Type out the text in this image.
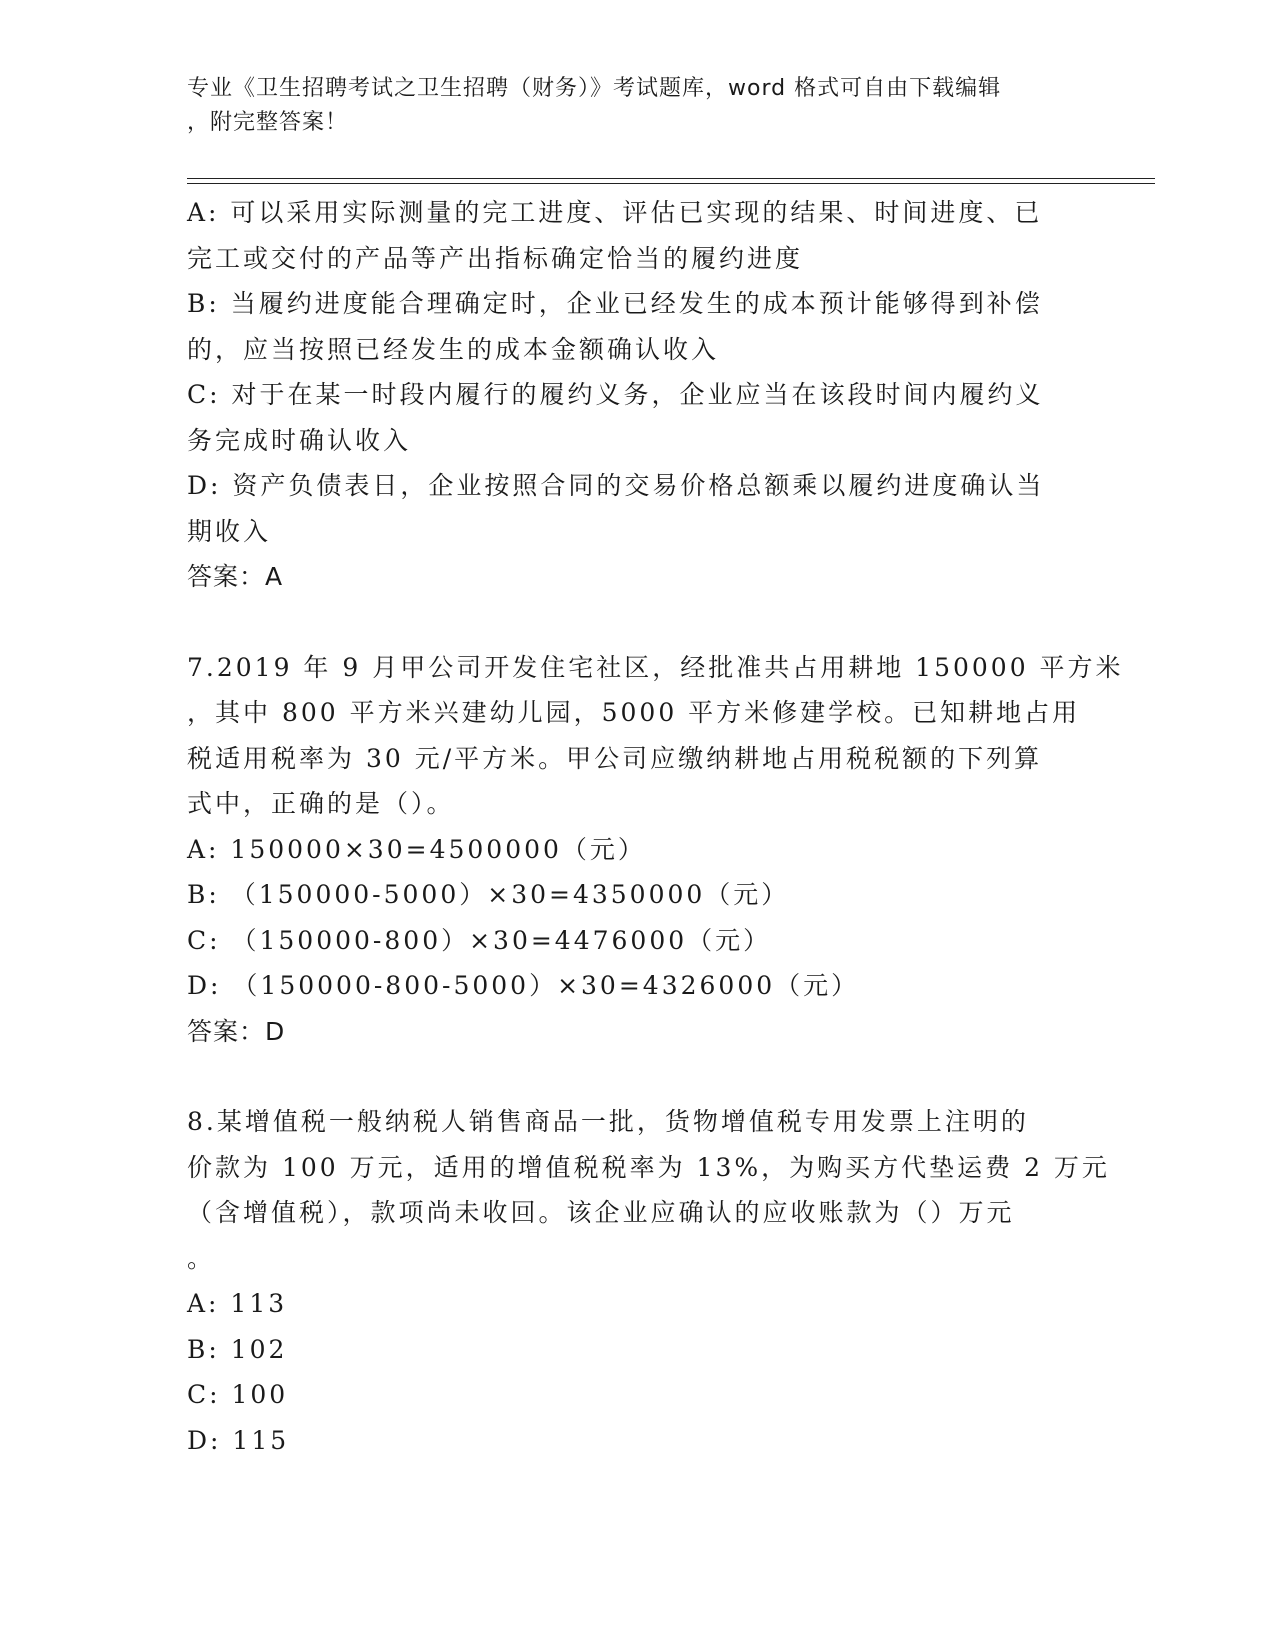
专业《卫生招聘考试之卫生招聘（财务）》考试题库，word 格式可自由下载编辑
，附完整答案！
A: 可以采用实际测量的完工进度、评估已实现的结果、时间进度、已
完工或交付的产品等产出指标确定恰当的履约进度
B: 当履约进度能合理确定时，企业已经发生的成本预计能够得到补偿
的，应当按照已经发生的成本金额确认收入
C: 对于在某一时段内履行的履约义务，企业应当在该段时间内履约义
务完成时确认收入
D: 资产负债表日，企业按照合同的交易价格总额乘以履约进度确认当
期收入
答案：A
7.2019 年 9 月甲公司开发住宅社区，经批准共占用耕地 150000 平方米
，其中 800 平方米兴建幼儿园，5000 平方米修建学校。已知耕地占用
税适用税率为 30 元/平方米。甲公司应缴纳耕地占用税税额的下列算
式中，正确的是（）。
A: 150000×30=4500000（元）
B: （150000-5000）×30=4350000（元）
C: （150000-800）×30=4476000（元）
D: （150000-800-5000）×30=4326000（元）
答案：D
8.某增值税一般纳税人销售商品一批，货物增值税专用发票上注明的
价款为 100 万元，适用的增值税税率为 13%，为购买方代垫运费 2 万元
（含增值税），款项尚未收回。该企业应确认的应收账款为（）万元
。
A: 113
B: 102
C: 100
D: 115
